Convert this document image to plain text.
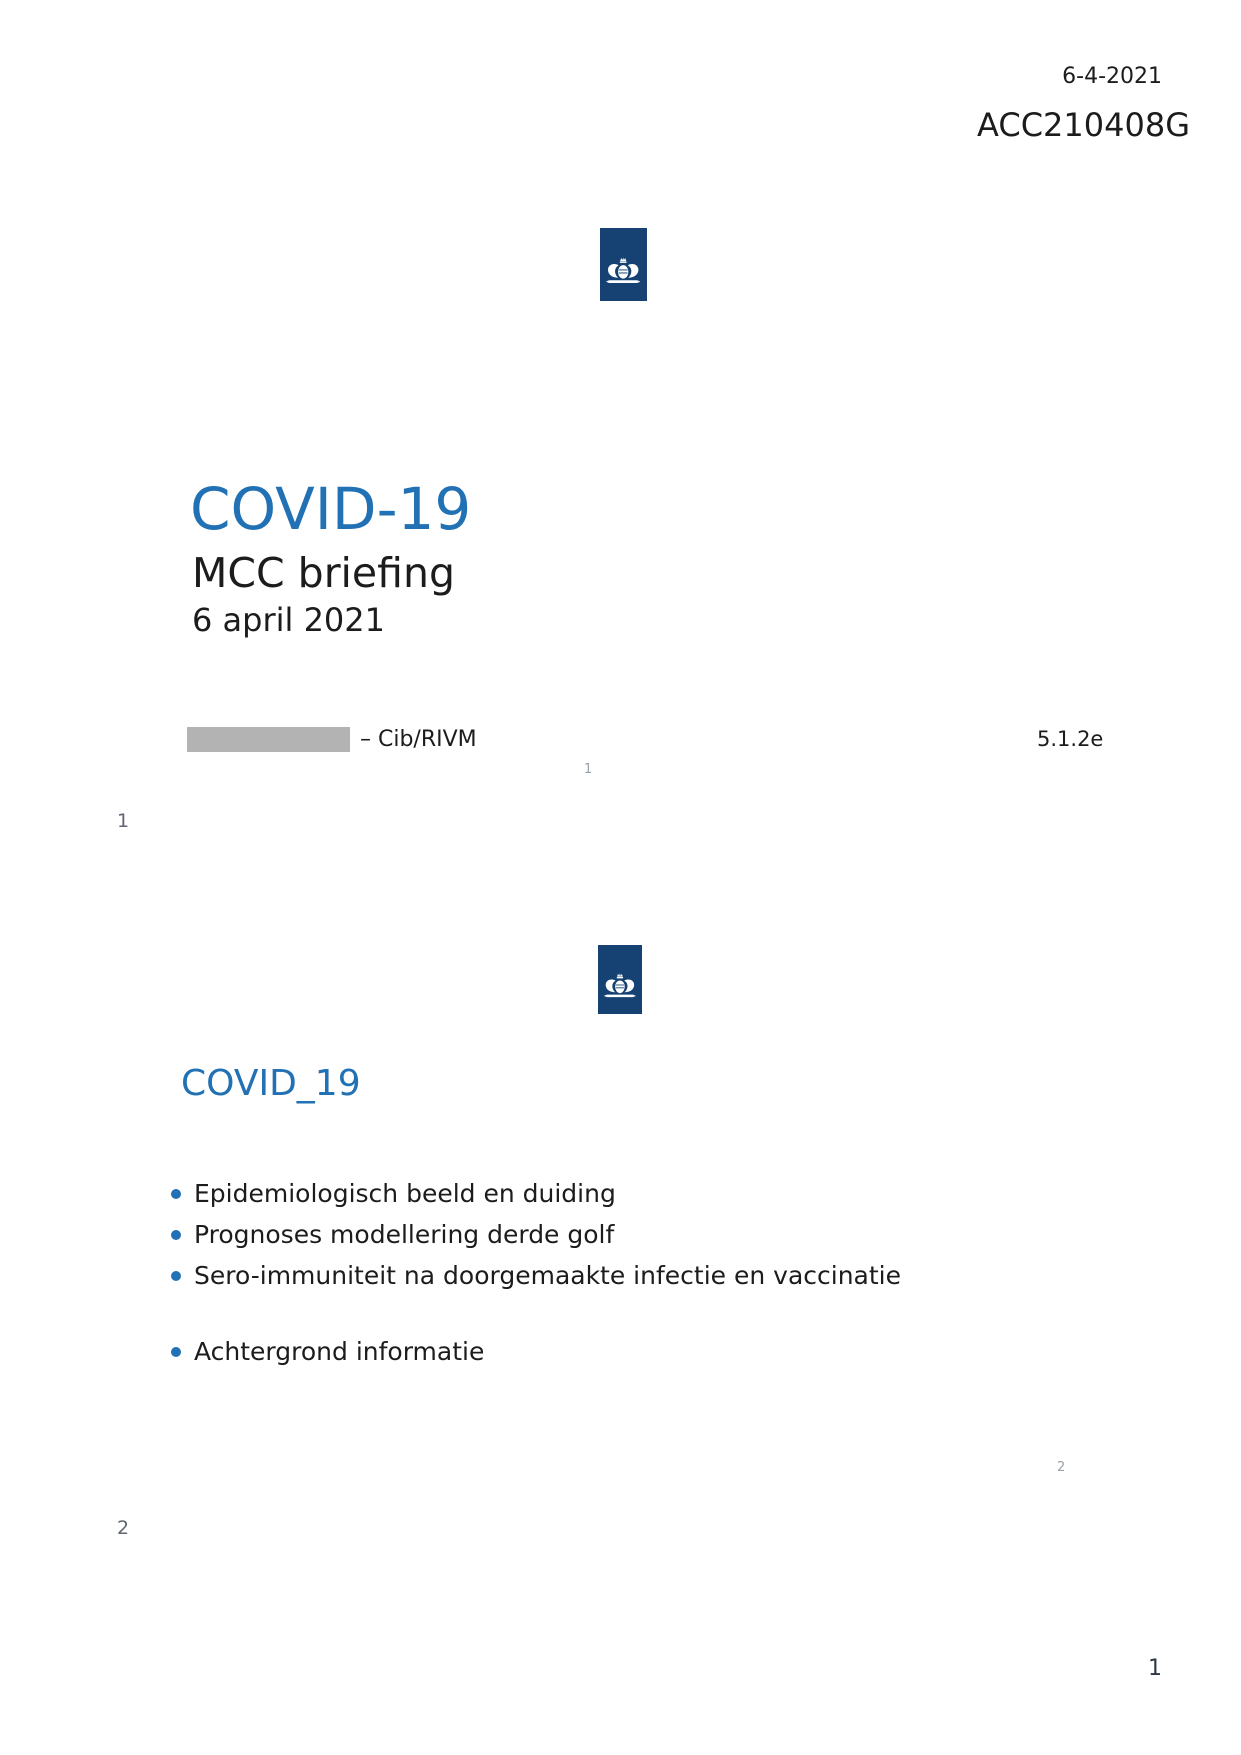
6-4-2021
ACC210408G
COVID-19
MCC briefing
6 april 2021
– Cib/RIVM	5.1.2e
1
1
COVID_19
Epidemiologisch beeld en duiding
Prognoses modellering derde golf
Sero-immuniteit na doorgemaakte infectie en vaccinatie
Achtergrond informatie
2
2
1
